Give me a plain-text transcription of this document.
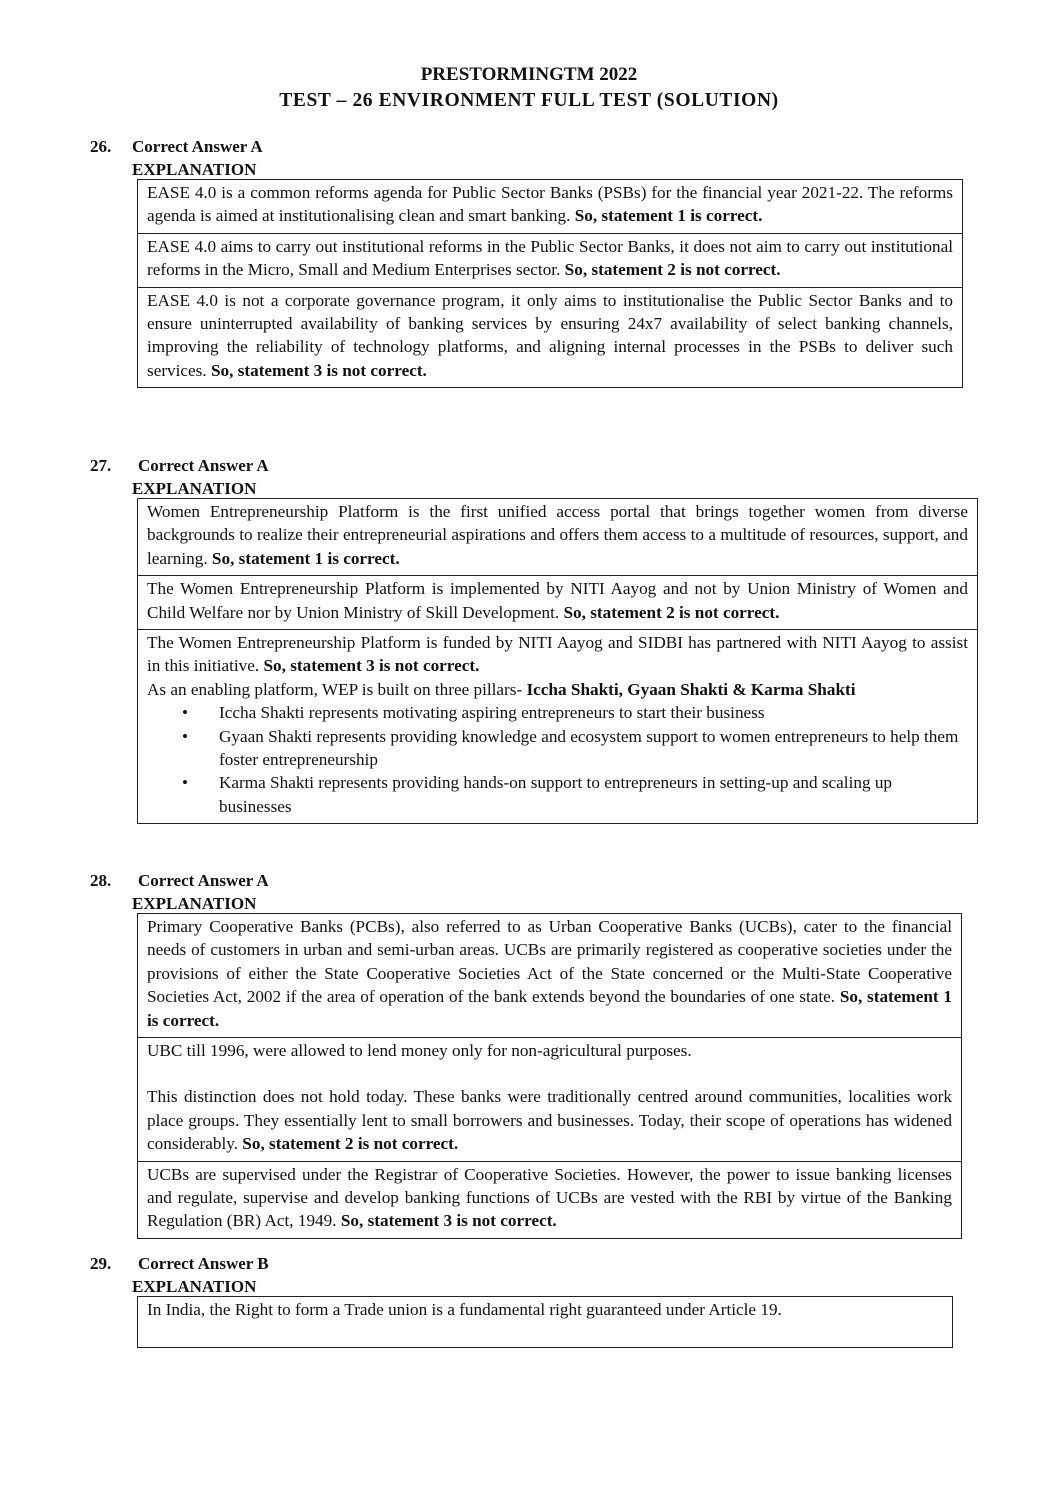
PRESTORMINGTM 2022
TEST – 26 ENVIRONMENT FULL TEST (SOLUTION)
26. Correct Answer A
EXPLANATION

EASE 4.0 is a common reforms agenda for Public Sector Banks (PSBs) for the financial year 2021-22. The reforms agenda is aimed at institutionalising clean and smart banking. So, statement 1 is correct.

EASE 4.0 aims to carry out institutional reforms in the Public Sector Banks, it does not aim to carry out institutional reforms in the Micro, Small and Medium Enterprises sector. So, statement 2 is not correct.

EASE 4.0 is not a corporate governance program, it only aims to institutionalise the Public Sector Banks and to ensure uninterrupted availability of banking services by ensuring 24x7 availability of select banking channels, improving the reliability of technology platforms, and aligning internal processes in the PSBs to deliver such services. So, statement 3 is not correct.

27. Correct Answer A
EXPLANATION

Women Entrepreneurship Platform is the first unified access portal that brings together women from diverse backgrounds to realize their entrepreneurial aspirations and offers them access to a multitude of resources, support, and learning. So, statement 1 is correct.

The Women Entrepreneurship Platform is implemented by NITI Aayog and not by Union Ministry of Women and Child Welfare nor by Union Ministry of Skill Development. So, statement 2 is not correct.

The Women Entrepreneurship Platform is funded by NITI Aayog and SIDBI has partnered with NITI Aayog to assist in this initiative. So, statement 3 is not correct.

As an enabling platform, WEP is built on three pillars- Iccha Shakti, Gyaan Shakti & Karma Shakti

• Iccha Shakti represents motivating aspiring entrepreneurs to start their business
• Gyaan Shakti represents providing knowledge and ecosystem support to women entrepreneurs to help them foster entrepreneurship
• Karma Shakti represents providing hands-on support to entrepreneurs in setting-up and scaling up businesses
28. Correct Answer A
EXPLANATION

Primary Cooperative Banks (PCBs), also referred to as Urban Cooperative Banks (UCBs), cater to the financial needs of customers in urban and semi-urban areas. UCBs are primarily registered as cooperative societies under the provisions of either the State Cooperative Societies Act of the State concerned or the Multi-State Cooperative Societies Act, 2002 if the area of operation of the bank extends beyond the boundaries of one state. So, statement 1 is correct.

UBC till 1996, were allowed to lend money only for non-agricultural purposes.

This distinction does not hold today. These banks were traditionally centred around communities, localities work place groups. They essentially lent to small borrowers and businesses. Today, their scope of operations has widened considerably. So, statement 2 is not correct.

UCBs are supervised under the Registrar of Cooperative Societies. However, the power to issue banking licenses and regulate, supervise and develop banking functions of UCBs are vested with the RBI by virtue of the Banking Regulation (BR) Act, 1949. So, statement 3 is not correct.

29. Correct Answer B
EXPLANATION

In India, the Right to form a Trade union is a fundamental right guaranteed under Article 19.
